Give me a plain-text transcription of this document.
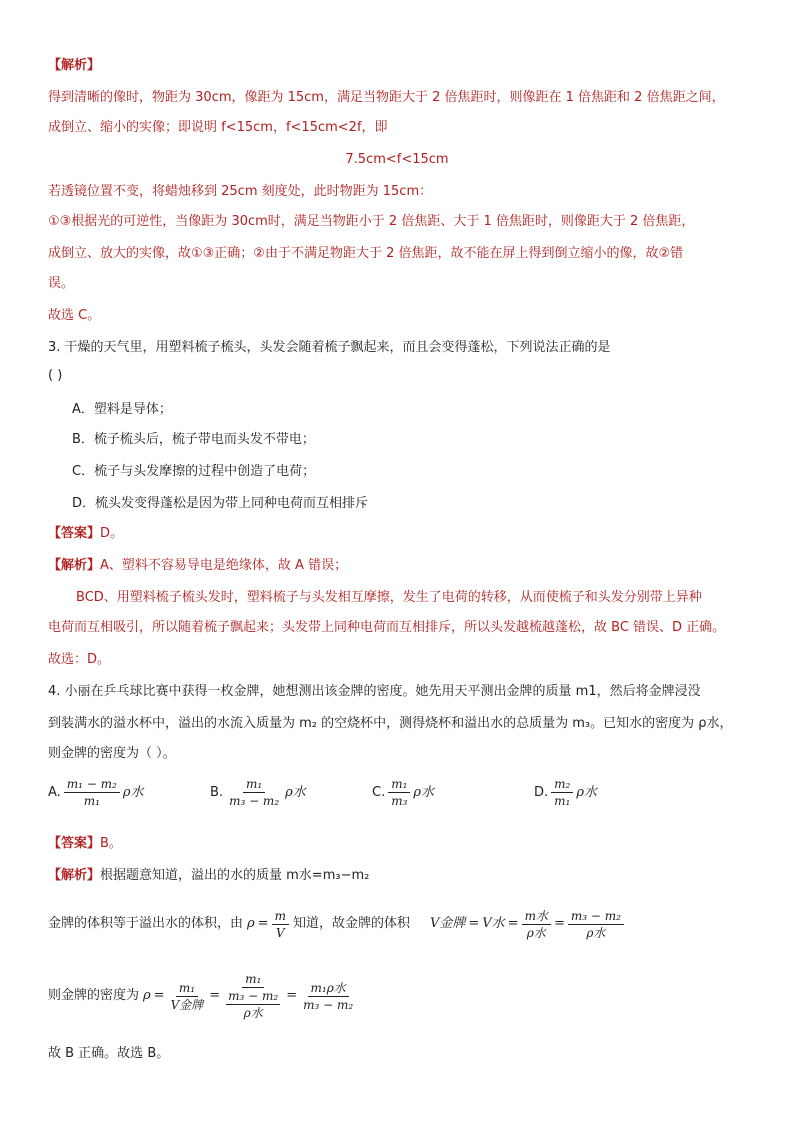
【解析】
得到清晰的像时，物距为 30cm，像距为 15cm，满足当物距大于 2 倍焦距时，则像距在 1 倍焦距和 2 倍焦距之间，
成倒立、缩小的实像；即说明 f<15cm，f<15cm<2f，即
7.5cm<f<15cm
若透镜位置不变，将蜡烛移到 25cm 刻度处，此时物距为 15cm：
①③根据光的可逆性，当像距为 30cm时，满足当物距小于 2 倍焦距、大于 1 倍焦距时，则像距大于 2 倍焦距，
成倒立、放大的实像，故①③正确；②由于不满足物距大于 2 倍焦距，故不能在屏上得到倒立缩小的像，故②错
误。
故选 C。
3. 干燥的天气里，用塑料梳子梳头，头发会随着梳子飘起来，而且会变得蓬松，下列说法正确的是
( )
A．塑料是导体；
B．梳子梳头后，梳子带电而头发不带电；
C．梳子与头发摩擦的过程中创造了电荷；
D．梳头发变得蓬松是因为带上同种电荷而互相排斥
【答案】D。
【解析】A、塑料不容易导电是绝缘体，故 A 错误；
BCD、用塑料梳子梳头发时，塑料梳子与头发相互摩擦，发生了电荷的转移，从而使梳子和头发分别带上异种
电荷而互相吸引，所以随着梳子飘起来；头发带上同种电荷而互相排斥，所以头发越梳越蓬松，故 BC 错误、D 正确。
故选：D。
4. 小丽在乒乓球比赛中获得一枚金牌，她想测出该金牌的密度。她先用天平测出金牌的质量 m1，然后将金牌浸没
到装满水的溢水杯中，溢出的水流入质量为 m₂ 的空烧杯中，测得烧杯和溢出水的总质量为 m₃。已知水的密度为 ρ水，
则金牌的密度为（ ）。
A. $\frac{\text{m₁ − m₂}}{\text{m₁}}$ ρ水	B. $\frac{\text{m₁}}{\text{m₃ − m₂}}$ ρ水	C. $\frac{\text{m₁}}{\text{m₃}}$ ρ水	D. $\frac{\text{m₂}}{\text{m₁}}$ ρ水
【答案】B。
【解析】根据题意知道，溢出的水的质量 m水=m₃−m₂
金牌的体积等于溢出水的体积，由 $\rho = \frac{m}{V}$ 知道，故金牌的体积 V金牌 = V水 = $\frac{\text{m水}}{\text{ρ水}} = \frac{\text{m₃ − m₂}}{\text{ρ水}}$
则金牌的密度为 $\rho = \frac{\text{m₁}}{\text{V金牌}} = m_1$
m₃ − m₂
ρ水 = $\frac{\text{m₁ρ水}}{\text{m₃ − m₂}}$
故 B 正确。故选 B。
